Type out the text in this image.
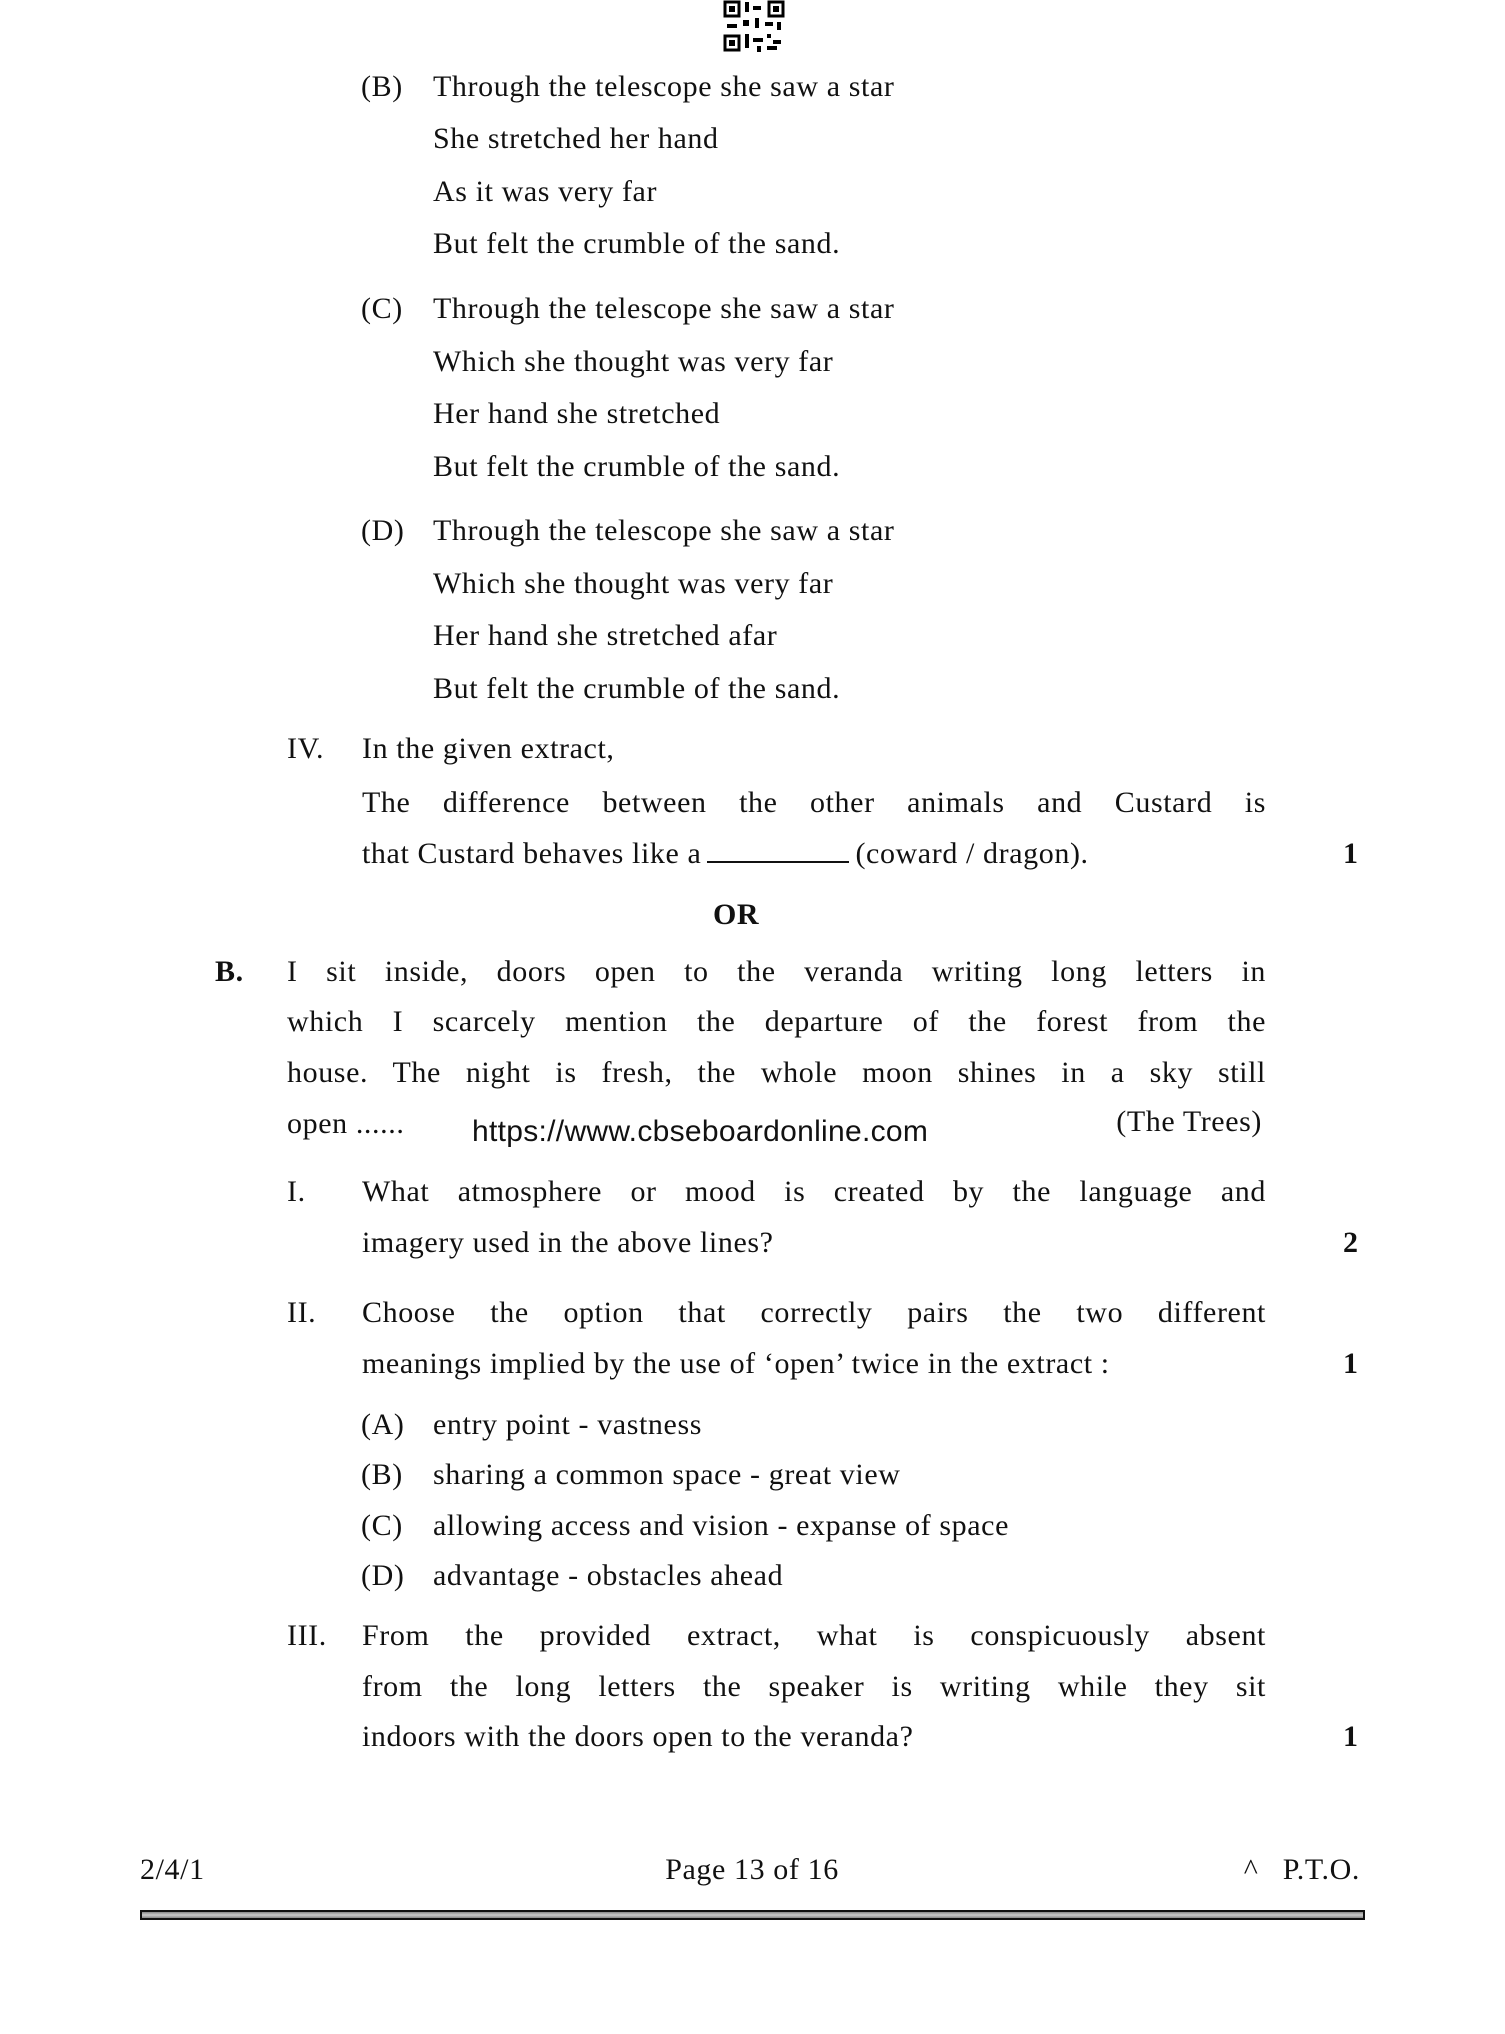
(B) Through the telescope she saw a star
She stretched her hand
As it was very far
But felt the crumble of the sand.
(C) Through the telescope she saw a star
Which she thought was very far
Her hand she stretched
But felt the crumble of the sand.
(D) Through the telescope she saw a star
Which she thought was very far
Her hand she stretched afar
But felt the crumble of the sand.
IV. In the given extract,
The difference between the other animals and Custard is
that Custard behaves like a	(coward / dragon).	1
OR
B. I sit inside, doors open to the veranda writing long letters in
which I scarcely mention the departure of the forest from the
house. The night is fresh, the whole moon shines in a sky still
open ...... https://www.cbseboardonline.com	(The Trees)
I. What atmosphere or mood is created by the language and
imagery used in the above lines?	2
II. Choose the option that correctly pairs the two different
meanings implied by the use of ‘open’ twice in the extract :	1
(A) entry point - vastness
(B) sharing a common space - great view
(C) allowing access and vision - expanse of space
(D) advantage - obstacles ahead
III. From the provided extract, what is conspicuously absent
from the long letters the speaker is writing while they sit
indoors with the doors open to the veranda?	1
2/4/1	Page 13 of 16	^   P.T.O.
